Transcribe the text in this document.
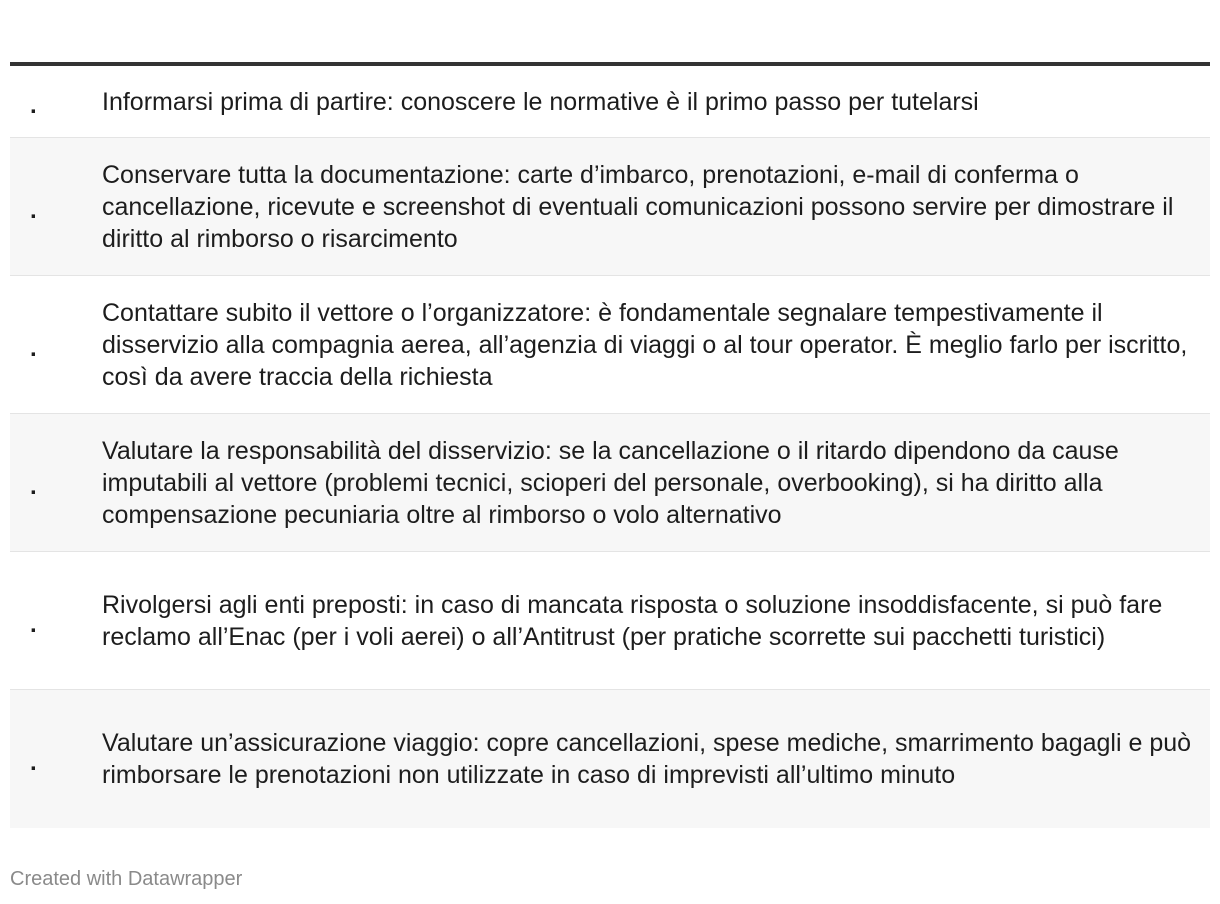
.	Informarsi prima di partire: conoscere le normative è il primo passo per tutelarsi
.
Conservare tutta la documentazione: carte d’imbarco, prenotazioni, e-mail di conferma o cancellazione, ricevute e screenshot di eventuali comunicazioni possono servire per dimostrare il diritto al rimborso o risarcimento
.
Contattare subito il vettore o l’organizzatore: è fondamentale segnalare tempestivamente il disservizio alla compagnia aerea, all’agenzia di viaggi o al tour operator. È meglio farlo per iscritto, così da avere traccia della richiesta
.
Valutare la responsabilità del disservizio: se la cancellazione o il ritardo dipendono da cause imputabili al vettore (problemi tecnici, scioperi del personale, overbooking), si ha diritto alla compensazione pecuniaria oltre al rimborso o volo alternativo
.
Rivolgersi agli enti preposti: in caso di mancata risposta o soluzione insoddisfacente, si può fare reclamo all’Enac (per i voli aerei) o all’Antitrust (per pratiche scorrette sui pacchetti turistici)
.
Valutare un’assicurazione viaggio: copre cancellazioni, spese mediche, smarrimento bagagli e può rimborsare le prenotazioni non utilizzate in caso di imprevisti all’ultimo minuto
Created with Datawrapper
